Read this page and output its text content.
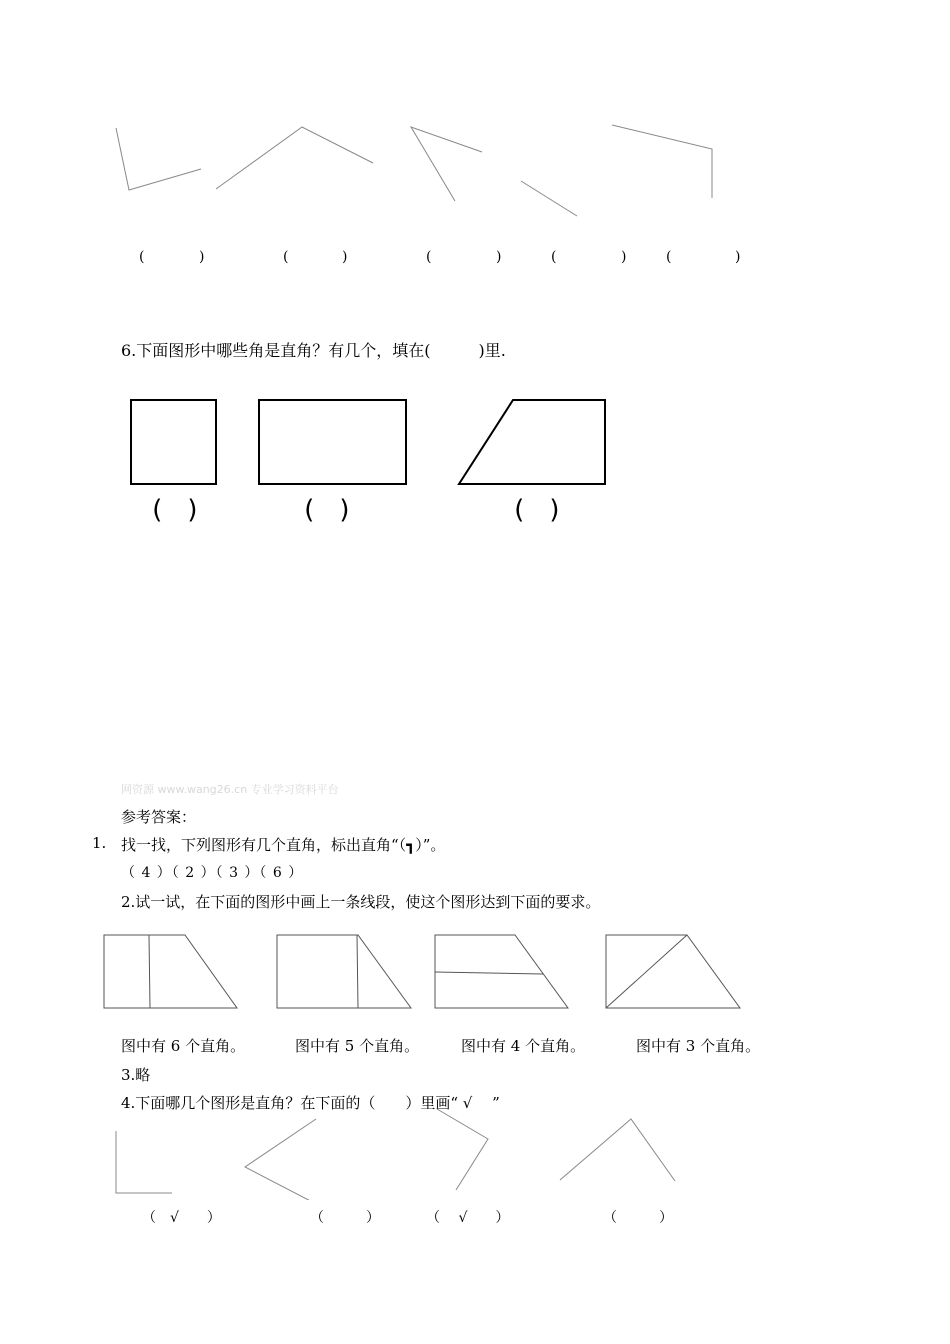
(	)	(	)	(	)	(	)	(	)
6.下面图形中哪些角是直角？有几个，填在(　　　)里.
( )	( )	( )
网资源 www.wang26.cn 专业学习资料平台
参考答案：
1. 找一找，下列图形有几个直角，标出直角“（┓）”。
（ 4 ）（ 2 ）（ 3 ）（ 6 ）
2.试一试，在下面的图形中画上一条线段，使这个图形达到下面的要求。
图中有 6 个直角。	图中有 5 个直角。	图中有 4 个直角。	图中有 3 个直角。
3.略
4.下面哪几个图形是直角？在下面的（　　）里画“ √　 ”
（　√　　）	（　　　）	（　 √　　）	（　　　）
